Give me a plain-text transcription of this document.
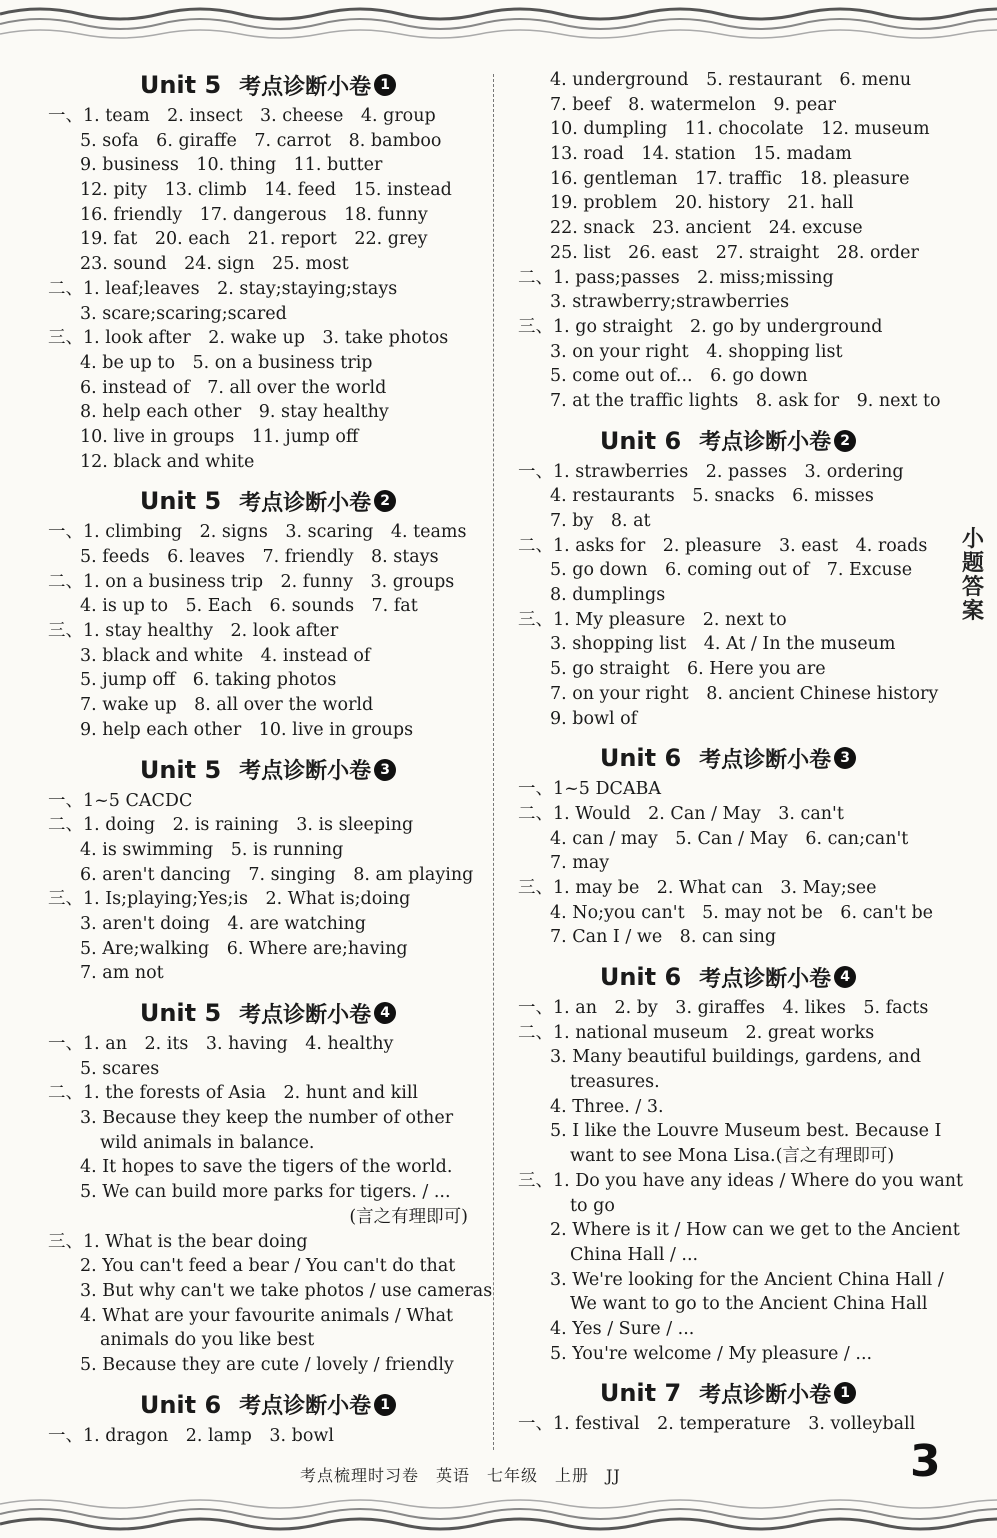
Unit 5 考点诊断小卷 1
一、1. team　2. insect　3. cheese　4. group
5. sofa　6. giraffe　7. carrot　8. bamboo
9. business　10. thing　11. butter
12. pity　13. climb　14. feed　15. instead
16. friendly　17. dangerous　18. funny
19. fat　20. each　21. report　22. grey
23. sound　24. sign　25. most
二、1. leaf;leaves　2. stay;staying;stays
3. scare;scaring;scared
三、1. look after　2. wake up　3. take photos
4. be up to　5. on a business trip
6. instead of　7. all over the world
8. help each other　9. stay healthy
10. live in groups　11. jump off
12. black and white
Unit 5 考点诊断小卷 2
一、1. climbing　2. signs　3. scaring　4. teams
5. feeds　6. leaves　7. friendly　8. stays
二、1. on a business trip　2. funny　3. groups
4. is up to　5. Each　6. sounds　7. fat
三、1. stay healthy　2. look after
3. black and white　4. instead of
5. jump off　6. taking photos
7. wake up　8. all over the world
9. help each other　10. live in groups
Unit 5 考点诊断小卷 3
一、1~5 CACDC
二、1. doing　2. is raining　3. is sleeping
4. is swimming　5. is running
6. aren't dancing　7. singing　8. am playing
三、1. Is;playing;Yes;is　2. What is;doing
3. aren't doing　4. are watching
5. Are;walking　6. Where are;having
7. am not
Unit 5 考点诊断小卷 4
一、1. an　2. its　3. having　4. healthy
5. scares
二、1. the forests of Asia　2. hunt and kill
3. Because they keep the number of other
wild animals in balance.
4. It hopes to save the tigers of the world.
5. We can build more parks for tigers. / ...
(言之有理即可)
三、1. What is the bear doing
2. You can't feed a bear / You can't do that
3. But why can't we take photos / use cameras
4. What are your favourite animals / What
animals do you like best
5. Because they are cute / lovely / friendly
Unit 6 考点诊断小卷 1
一、1. dragon　2. lamp　3. bowl
4. underground　5. restaurant　6. menu
7. beef　8. watermelon　9. pear
10. dumpling　11. chocolate　12. museum
13. road　14. station　15. madam
16. gentleman　17. traffic　18. pleasure
19. problem　20. history　21. hall
22. snack　23. ancient　24. excuse
25. list　26. east　27. straight　28. order
二、1. pass;passes　2. miss;missing
3. strawberry;strawberries
三、1. go straight　2. go by underground
3. on your right　4. shopping list
5. come out of...　6. go down
7. at the traffic lights　8. ask for　9. next to
Unit 6 考点诊断小卷 2
一、1. strawberries　2. passes　3. ordering
4. restaurants　5. snacks　6. misses
7. by　8. at
二、1. asks for　2. pleasure　3. east　4. roads
5. go down　6. coming out of　7. Excuse
8. dumplings
三、1. My pleasure　2. next to
3. shopping list　4. At / In the museum
5. go straight　6. Here you are
7. on your right　8. ancient Chinese history
9. bowl of
Unit 6 考点诊断小卷 3
一、1~5 DCABA
二、1. Would　2. Can / May　3. can't
4. can / may　5. Can / May　6. can;can't
7. may
三、1. may be　2. What can　3. May;see
4. No;you can't　5. may not be　6. can't be
7. Can I / we　8. can sing
Unit 6 考点诊断小卷 4
一、1. an　2. by　3. giraffes　4. likes　5. facts
二、1. national museum　2. great works
3. Many beautiful buildings, gardens, and
treasures.
4. Three. / 3.
5. I like the Louvre Museum best. Because I
want to see Mona Lisa.(言之有理即可)
三、1. Do you have any ideas / Where do you want
to go
2. Where is it / How can we get to the Ancient
China Hall / ...
3. We're looking for the Ancient China Hall /
We want to go to the Ancient China Hall
4. Yes / Sure / ...
5. You're welcome / My pleasure / ...
Unit 7 考点诊断小卷 1
一、1. festival　2. temperature　3. volleyball
小
题
答
案
考点梳理时习卷　英语　七年级　上册　JJ	3
